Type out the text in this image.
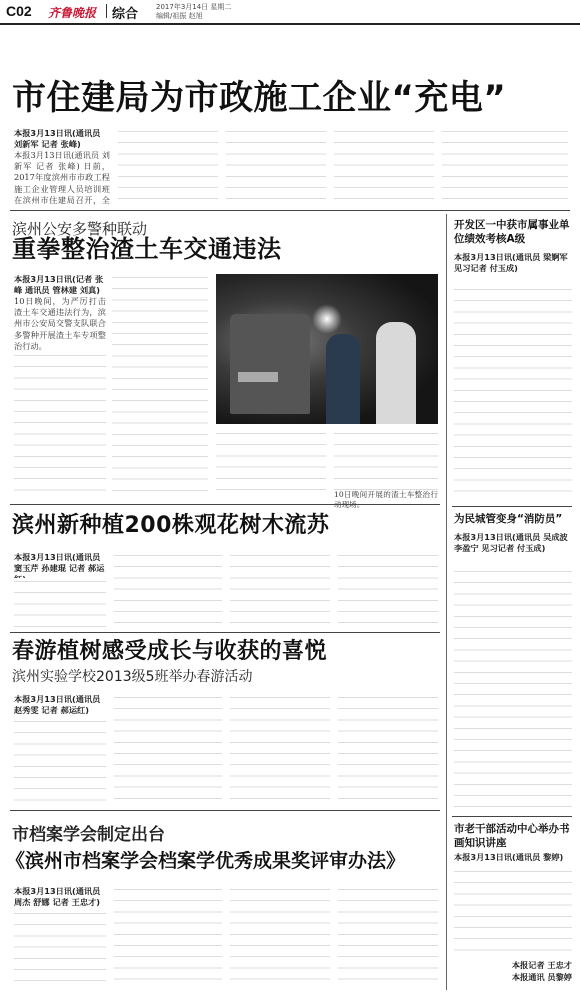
C02 齐鲁晚报 综合	2017年3月14日 星期二
编辑/祖振 赵旭
市住建局为市政施工企业“充电”
本报3月13日讯(通讯员 刘新军 记者 张峰)
本报3月13日讯(通讯员 刘新军 记者 张峰) 日前，2017年度滨州市市政工程施工企业管理人员培训班在滨州市住建局召开，全
滨州公安多警种联动
重拳整治渣土车交通违法
本报3月13日讯(记者 张峰 通讯员 管林建 刘真)
10日晚间，为严厉打击渣土车交通违法行为，滨州市公安局交警支队联合多警种开展渣土车专项整治行动。
10日晚间开展的渣土车整治行
滨州新种植200株观花树木流苏
本报3月13日讯(通讯员 窦玉芹 孙建琨 记者 郝运
春游植树感受成长与收获的喜悦
滨州实验学校2013级5班举办春游活动
本报3月13日讯(通讯员 赵秀雯 记者 郝运红)
市档案学会制定出台
《滨州市档案学会档案学优秀成果奖评审办法》
本报3月13日讯(通讯员 周杰 舒娜 记者 王忠才)
开发区一中获市属事业单位绩效考核A级
本报3月13日讯(通讯员 梁婀军 见习记者 付玉成)
为民城管变身“消防员”
本报3月13日讯(通讯员 吴成波 李盈宁 见习记者 付玉成)
市老干部活动中心举办书画知识讲座
本报3月13日讯(通讯员 黎婷)
本报记者 王忠才
本报通讯 员黎婷
